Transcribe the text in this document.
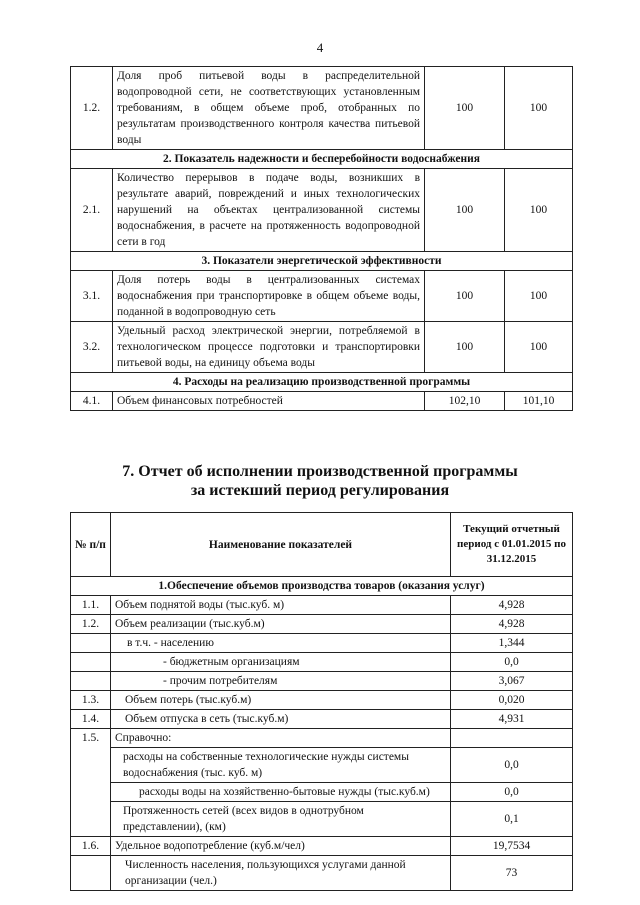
4
1.2.	Доля проб питьевой воды в распределительной водопроводной сети, не соответствующих установленным требованиям, в общем объеме проб, отобранных по результатам производственного контроля качества питьевой воды	100	100
2. Показатель надежности и бесперебойности водоснабжения			
2.1.	Количество перерывов в подаче воды, возникших в результате аварий, повреждений и иных технологических нарушений на объектах централизованной системы водоснабжения, в расчете на протяженность водопроводной сети в год	100	100
3. Показатели энергетической эффективности			
3.1.	Доля потерь воды в централизованных системах водоснабжения при транспортировке в общем объеме воды, поданной в водопроводную сеть	100	100
3.2.	Удельный расход электрической энергии, потребляемой в технологическом процессе подготовки и транспортировки питьевой воды, на единицу объема воды	100	100
4. Расходы на реализацию производственной программы			
4.1.	Объем финансовых потребностей	102,10	101,10
7. Отчет об исполнении производственной программы
за истекший период регулирования
№ п/п	Наименование показателей	Текущий отчетный период с 01.01.2015 по 31.12.2015
1.Обеспечение объемов производства товаров (оказания услуг)		
1.1.	Объем поднятой воды (тыс.куб. м)	4,928
1.2.	Объем реализации (тыс.куб.м)	4,928
	в т.ч. - населению	1,344
	- бюджетным организациям	0,0
	- прочим потребителям	3,067
1.3.	Объем потерь (тыс.куб.м)	0,020
1.4.	Объем отпуска в сеть (тыс.куб.м)	4,931
1.5.	Справочно:	
	расходы на собственные технологические нужды системы водоснабжения (тыс. куб. м)	0,0
	расходы воды на хозяйственно-бытовые нужды (тыс.куб.м)	0,0
	Протяженность сетей (всех видов в однотрубном представлении), (км)	0,1
1.6.	Удельное водопотребление (куб.м/чел)	19,7534
	Численность населения, пользующихся услугами данной организации (чел.)	73
